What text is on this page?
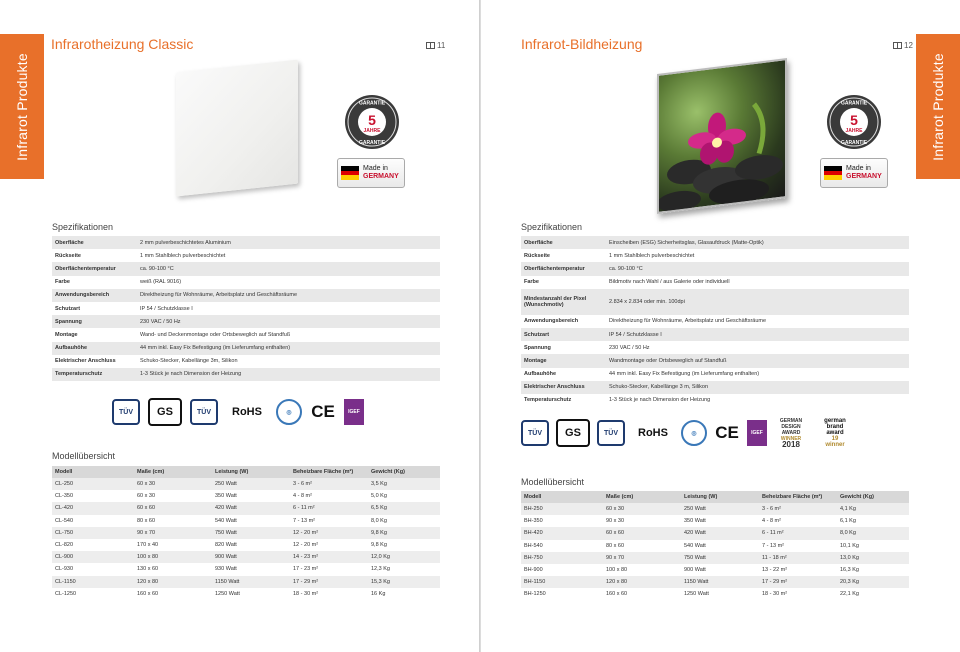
Infrarot Produkte
Infrarotheizung Classic	11
GARANTIE
5
JAHRE
GARANTIE
Made in
GERMANY
Spezifikationen
Oberfläche	2 mm pulverbeschichtetes Aluminium
Rückseite	1 mm Stahlblech pulverbeschichtet
Oberflächentemperatur	ca. 90-100 °C
Farbe	weiß (RAL 9016)
Anwendungsbereich	Direktheizung für Wohnräume, Arbeitsplatz und Geschäftsräume
Schutzart	IP 54 / Schutzklasse I
Spannung	230 VAC / 50 Hz
Montage	Wand- und Deckenmontage oder Ortsbeweglich auf Standfuß
Aufbauhöhe	44 mm inkl. Easy Fix Befestigung (im Lieferumfang enthalten)
Elektrischer Anschluss	Schuko-Stecker, Kabellänge 3m, Silikon
Temperaturschutz	1-3 Stück je nach Dimension der Heizung
TÜV	GS	TÜV	RoHS	◎	CE	IGEF
Modellübersicht
Modell	Maße (cm)	Leistung (W)	Beheizbare Fläche (m²)	Gewicht (Kg)
CL-250	60 x 30	250 Watt	3 - 6 m²	3,5 Kg
CL-350	60 x 30	350 Watt	4 - 8 m²	5,0 Kg
CL-420	60 x 60	420 Watt	6 - 11 m²	6,5 Kg
CL-540	80 x 60	540 Watt	7 - 13 m²	8,0 Kg
CL-750	90 x 70	750 Watt	12 - 20 m²	9,8 Kg
CL-820	170 x 40	820 Watt	12 - 20 m²	9,8 Kg
CL-900	100 x 80	900 Watt	14 - 23 m²	12,0 Kg
CL-930	130 x 60	930 Watt	17 - 23 m²	12,3 Kg
CL-1150	120 x 80	1150 Watt	17 - 29 m²	15,3 Kg
CL-1250	160 x 60	1250 Watt	18 - 30 m²	16 Kg
Infrarot Produkte
Infrarot-Bildheizung	12
GARANTIE
5
JAHRE
GARANTIE
Made in
GERMANY
Spezifikationen
Oberfläche	Einscheiben (ESG) Sicherheitsglas, Glasaufdruck (Matte-Optik)
Rückseite	1 mm Stahlblech pulverbeschichtet
Oberflächentemperatur	ca. 90-100 °C
Farbe	Bildmotiv nach Wahl / aus Galerie oder individuell
Mindestanzahl der Pixel (Wunschmotiv)	2.834 x 2.834 oder min. 100dpi
Anwendungsbereich	Direktheizung für Wohnräume, Arbeitsplatz und Geschäftsräume
Schutzart	IP 54 / Schutzklasse I
Spannung	230 VAC / 50 Hz
Montage	Wandmontage oder Ortsbeweglich auf Standfuß
Aufbauhöhe	44 mm inkl. Easy Fix Befestigung (im Lieferumfang enthalten)
Elektrischer Anschluss	Schuko-Stecker, Kabellänge 3 m, Silikon
Temperaturschutz	1-3 Stück je nach Dimension der Heizung
TÜV	GS	TÜV	RoHS	◎	CE IGEF
GERMAN
DESIGN
AWARD
WINNER
2018
german
brand
award
19
winner
Modellübersicht
Modell	Maße (cm)	Leistung (W)	Beheizbare Fläche (m²)	Gewicht (Kg)
BH-250	60 x 30	250 Watt	3 - 6 m²	4,1 Kg
BH-350	90 x 30	350 Watt	4 - 8 m²	6,1 Kg
BH-420	60 x 60	420 Watt	6 - 11 m²	8,0 Kg
BH-540	80 x 60	540 Watt	7 - 13 m²	10,1 Kg
BH-750	90 x 70	750 Watt	11 - 18 m²	13,0 Kg
BH-900	100 x 80	900 Watt	13 - 22 m²	16,3 Kg
BH-1150	120 x 80	1150 Watt	17 - 29 m²	20,3 Kg
BH-1250	160 x 60	1250 Watt	18 - 30 m²	22,1 Kg
